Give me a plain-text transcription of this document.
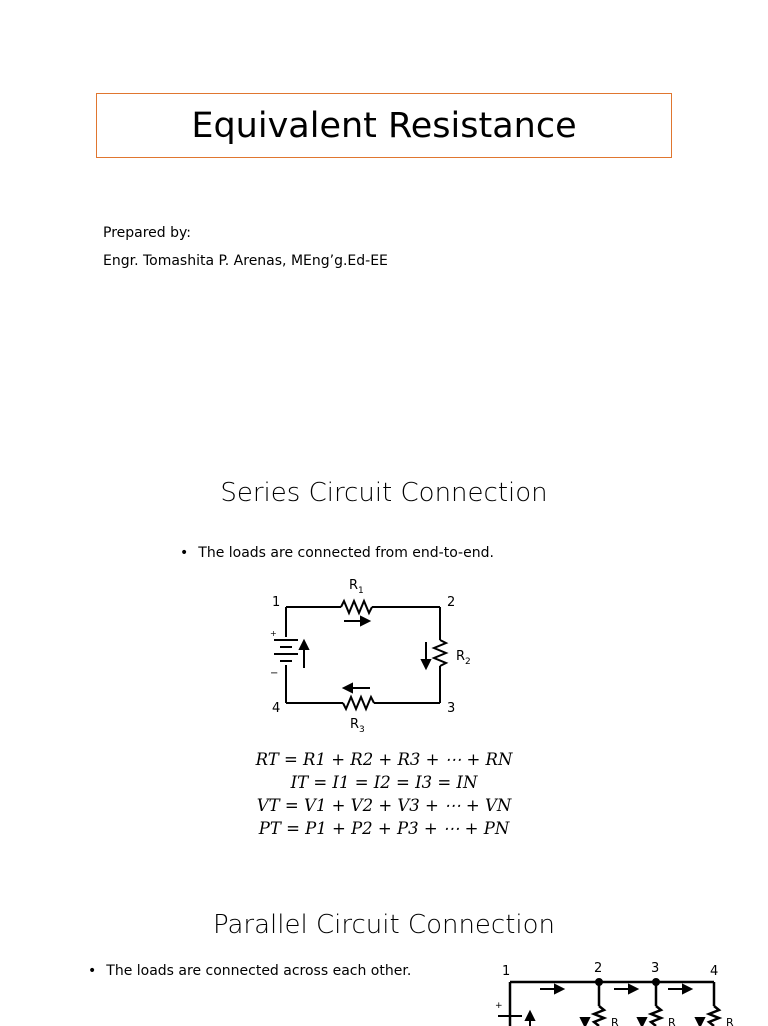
Equivalent Resistance
Prepared by:
Engr. Tomashita P. Arenas, MEng’g.Ed-EE
Series Circuit Connection
• The loads are connected from end-to-end.
1	2
3
4
+
−
$R_1$
$R_2$
$R_3$
RT = R1 + R2 + R3 + ⋯ + RN
IT = I1 = I2 = I3 = IN
VT = V1 + V2 + V3 + ⋯ + VN
PT = P1 + P2 + P3 + ⋯ + PN
Parallel Circuit Connection
• The loads are connected across each other.	1	2	3	4
+
R	R	R
